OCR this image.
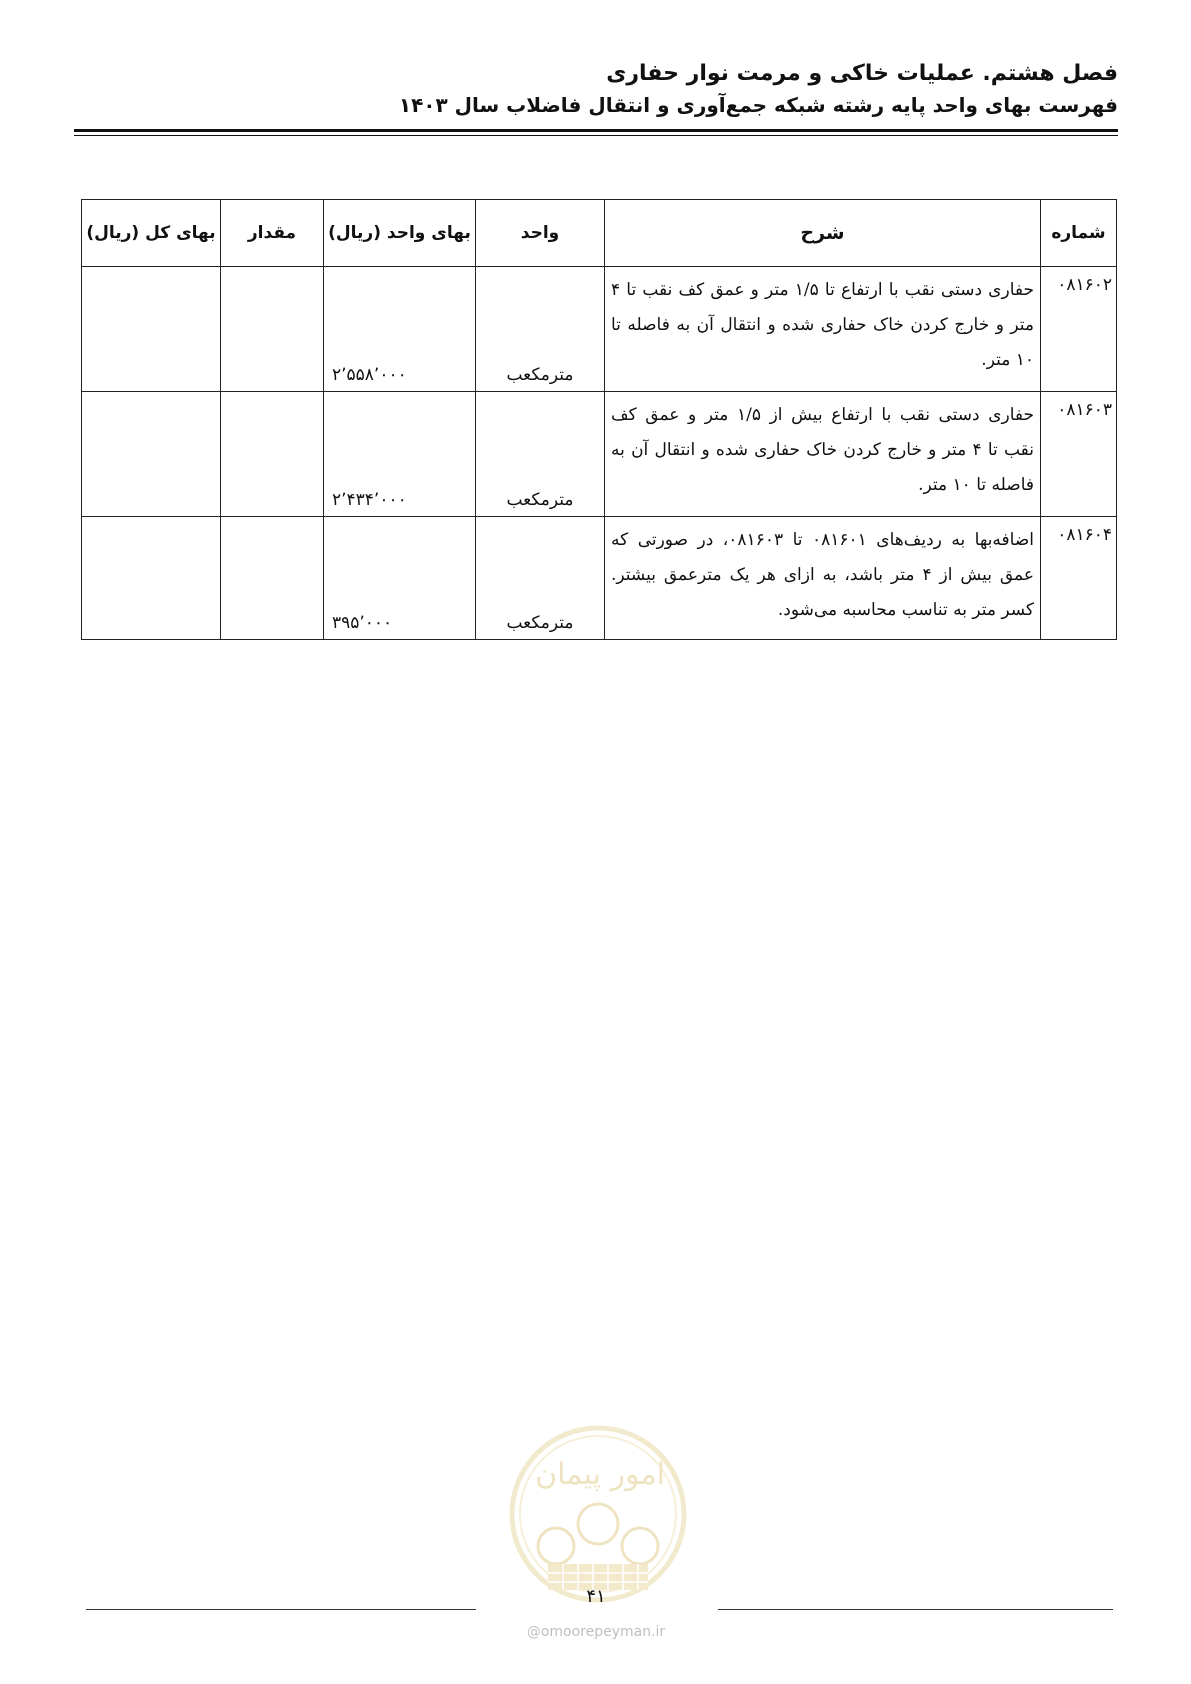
فصل هشتم. عملیات خاکی و مرمت نوار حفاری
فهرست بهای واحد پایه رشته شبکه جمع‌آوری و انتقال فاضلاب سال ۱۴۰۳
شماره	شرح	واحد	بهای واحد (ریال)	مقدار	بهای کل (ریال)
۰۸۱۶۰۲	حفاری دستی نقب با ارتفاع تا ۱/۵ متر و عمق کف نقب تا ۴ متر و خارج کردن خاک حفاری شده و انتقال آن به فاصله تا ۱۰ متر.	مترمکعب	۲٬۵۵۸٬۰۰۰		
۰۸۱۶۰۳	حفاری دستی نقب با ارتفاع بیش از ۱/۵ متر و عمق کف نقب تا ۴ متر و خارج کردن خاک حفاری شده و انتقال آن به فاصله تا ۱۰ متر.	مترمکعب	۲٬۴۳۴٬۰۰۰		
۰۸۱۶۰۴	اضافه‌بها به ردیف‌های ۰۸۱۶۰۱ تا ۰۸۱۶۰۳، در صورتی که عمق بیش از ۴ متر باشد، به ازای هر یک مترعمق بیشتر. کسر متر به تناسب محاسبه می‌شود.	مترمکعب	۳۹۵٬۰۰۰		
امور پیمان
۴۱
@omoorepeyman.ir
